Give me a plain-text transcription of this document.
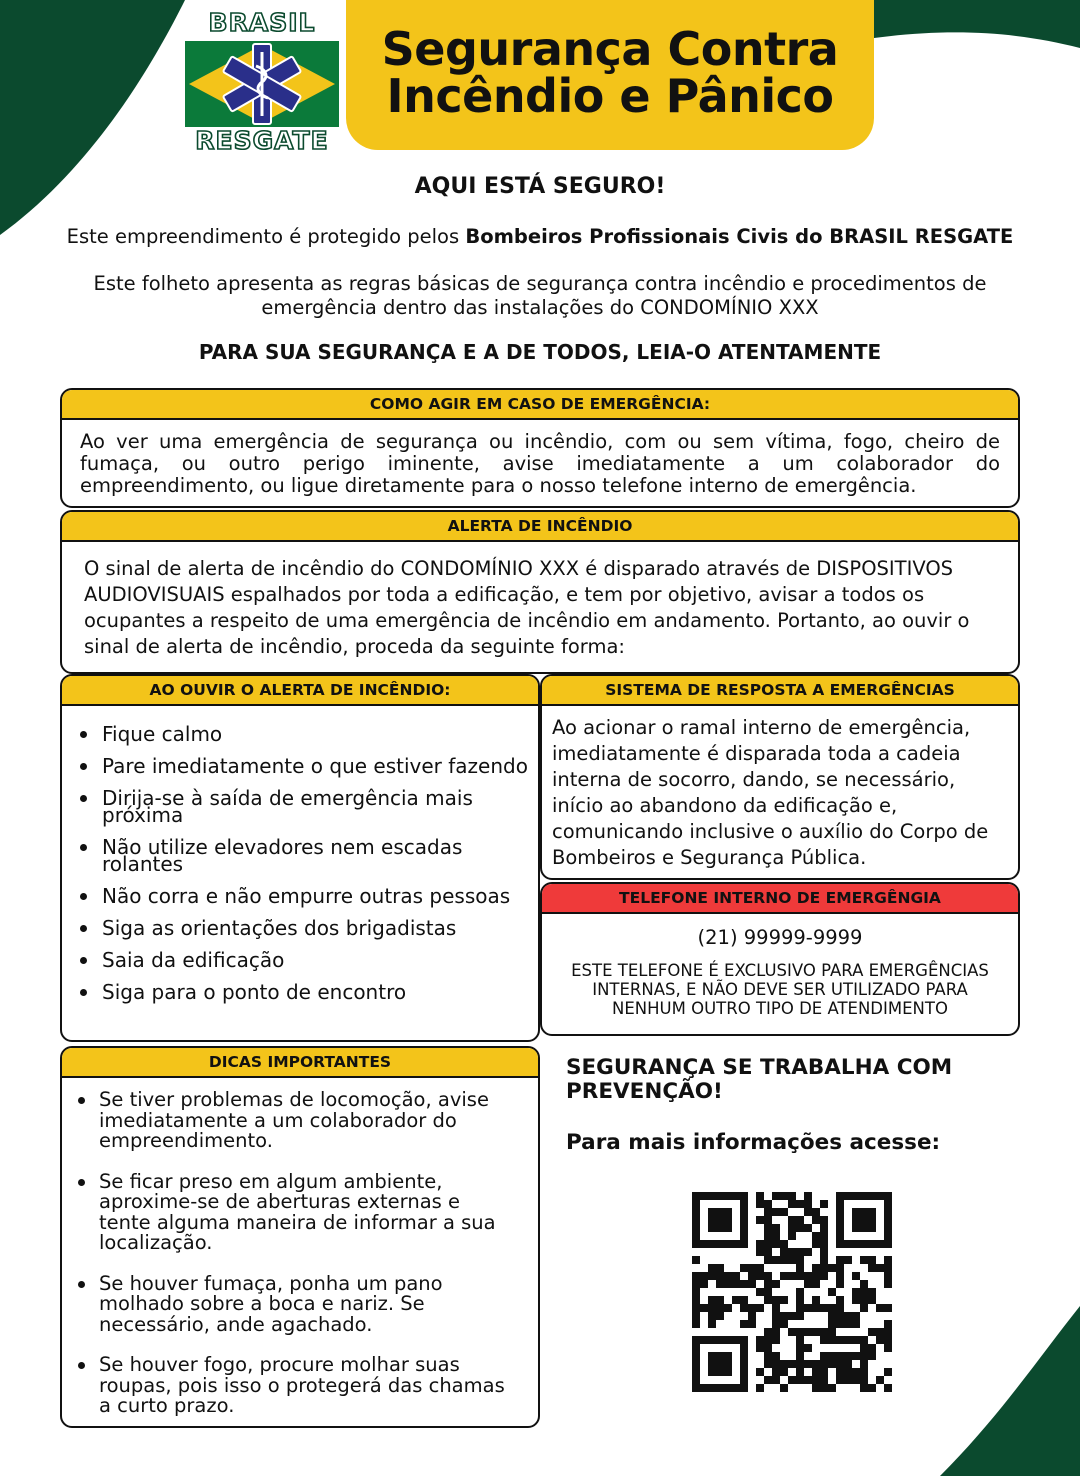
BRASIL
RESGATE
Segurança Contra
Incêndio e Pânico
AQUI ESTÁ SEGURO!
Este empreendimento é protegido pelos Bombeiros Profissionais Civis do BRASIL RESGATE
Este folheto apresenta as regras básicas de segurança contra incêndio e procedimentos de
emergência dentro das instalações do CONDOMÍNIO XXX
PARA SUA SEGURANÇA E A DE TODOS, LEIA-O ATENTAMENTE
COMO AGIR EM CASO DE EMERGÊNCIA:
Ao ver uma emergência de segurança ou incêndio, com ou sem vítima, fogo, cheiro de fumaça, ou outro perigo iminente, avise imediatamente a um colaborador do empreendimento, ou ligue diretamente para o nosso telefone interno de emergência.
ALERTA DE INCÊNDIO
O sinal de alerta de incêndio do CONDOMÍNIO XXX é disparado através de DISPOSITIVOS
AUDIOVISUAIS espalhados por toda a edificação, e tem por objetivo, avisar a todos os
ocupantes a respeito de uma emergência de incêndio em andamento. Portanto, ao ouvir o
sinal de alerta de incêndio, proceda da seguinte forma:
AO OUVIR O ALERTA DE INCÊNDIO:
Fique calmo
Pare imediatamente o que estiver fazendo
Dirija-se à saída de emergência mais próxima
Não utilize elevadores nem escadas rolantes
Não corra e não empurre outras pessoas
Siga as orientações dos brigadistas
Saia da edificação
Siga para o ponto de encontro
SISTEMA DE RESPOSTA A EMERGÊNCIAS
Ao acionar o ramal interno de emergência,
imediatamente é disparada toda a cadeia
interna de socorro, dando, se necessário,
início ao abandono da edificação e,
comunicando inclusive o auxílio do Corpo de
Bombeiros e Segurança Pública.
TELEFONE INTERNO DE EMERGÊNGIA
(21) 99999-9999
ESTE TELEFONE É EXCLUSIVO PARA EMERGÊNCIAS
INTERNAS, E NÃO DEVE SER UTILIZADO PARA
NENHUM OUTRO TIPO DE ATENDIMENTO
DICAS IMPORTANTES
Se tiver problemas de locomoção, avise
imediatamente a um colaborador do
empreendimento.
Se ficar preso em algum ambiente,
aproxime-se de aberturas externas e
tente alguma maneira de informar a sua
localização.
Se houver fumaça, ponha um pano
molhado sobre a boca e nariz. Se
necessário, ande agachado.
Se houver fogo, procure molhar suas
roupas, pois isso o protegerá das chamas
a curto prazo.
SEGURANÇA SE TRABALHA COM
PREVENÇÃO!
Para mais informações acesse:
